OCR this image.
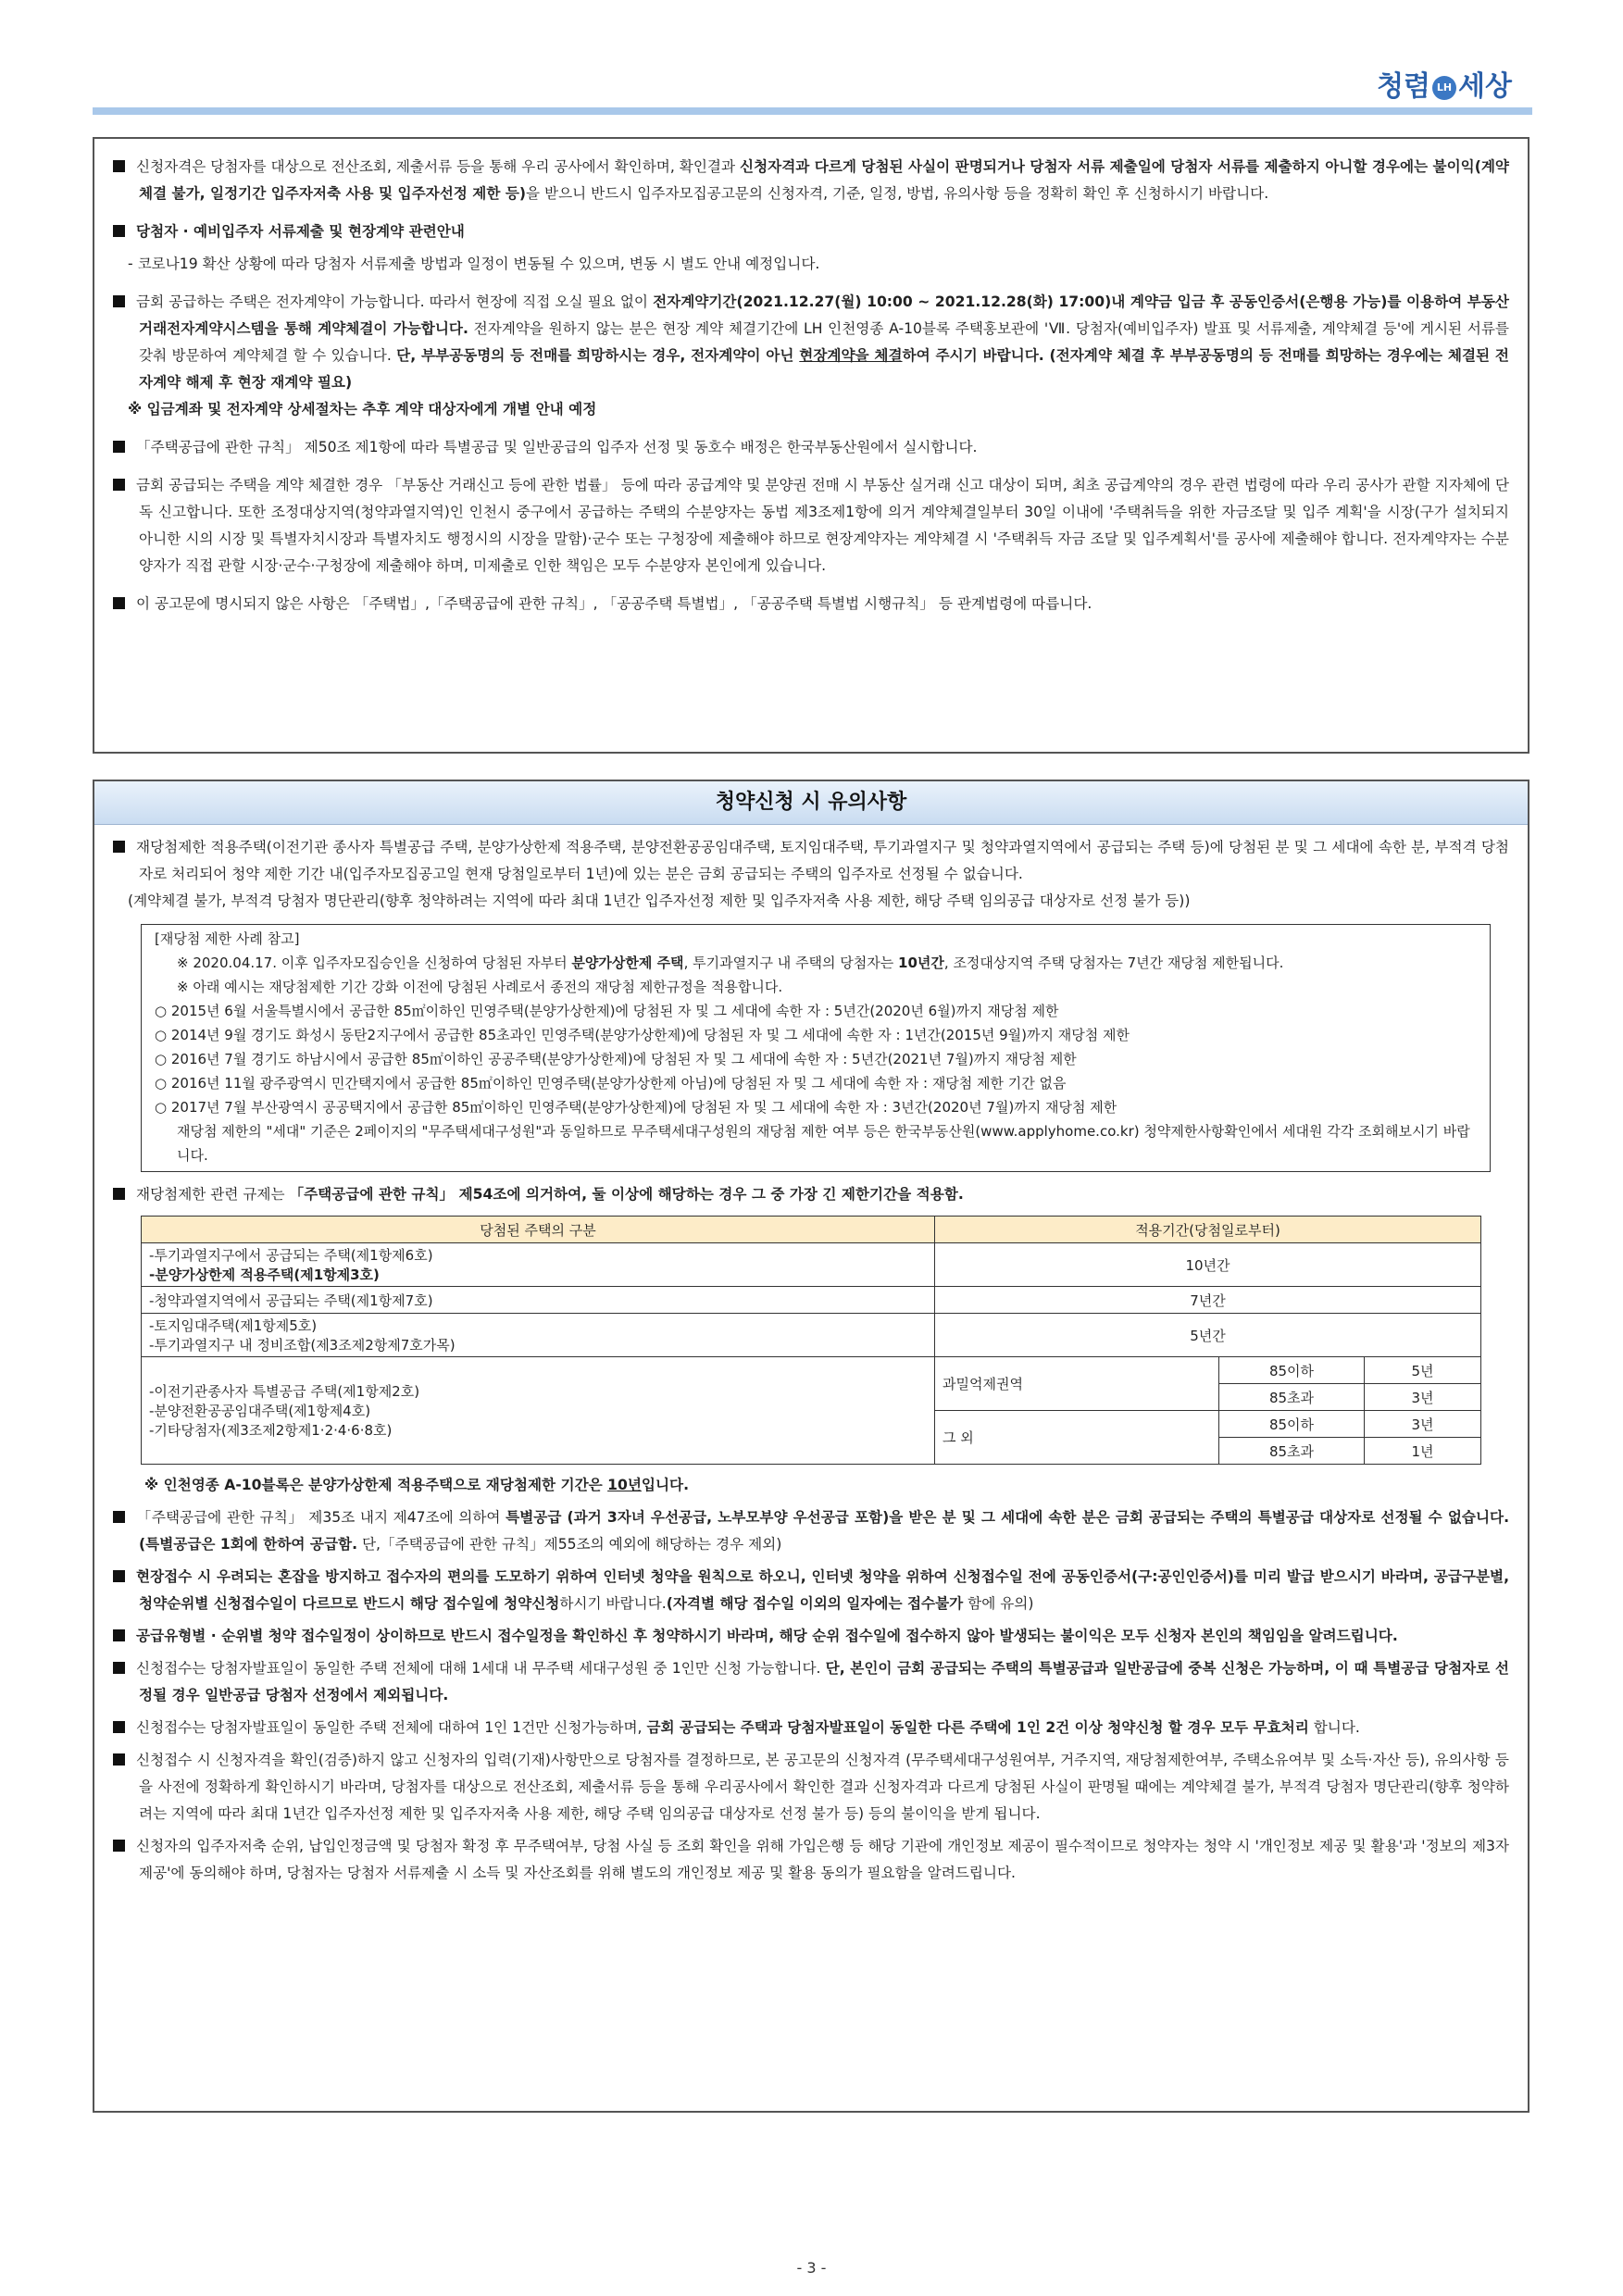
청렴 LH 세상

신청자격은 당첨자를 대상으로 전산조회, 제출서류 등을 통해 우리 공사에서 확인하며, 확인결과 신청자격과 다르게 당첨된 사실이 판명되거나 당첨자 서류 제출일에 당첨자 서류를 제출하지 아니할 경우에는 불이익(계약체결 불가, 일정기간 입주자저축 사용 및 입주자선정 제한 등)을 받으니 반드시 입주자모집공고문의 신청자격, 기준, 일정, 방법, 유의사항 등을 정확히 확인 후 신청하시기 바랍니다.

당첨자 · 예비입주자 서류제출 및 현장계약 관련안내

- 코로나19 확산 상황에 따라 당첨자 서류제출 방법과 일정이 변동될 수 있으며, 변동 시 별도 안내 예정입니다.

금회 공급하는 주택은 전자계약이 가능합니다. 따라서 현장에 직접 오실 필요 없이 전자계약기간(2021.12.27(월) 10:00 ~ 2021.12.28(화) 17:00)내 계약금 입금 후 공동인증서(은행용 가능)를 이용하여 부동산거래전자계약시스템을 통해 계약체결이 가능합니다. 전자계약을 원하지 않는 분은 현장 계약 체결기간에 LH 인천영종 A-10블록 주택홍보관에 'Ⅶ. 당첨자(예비입주자) 발표 및 서류제출, 계약체결 등'에 게시된 서류를 갖춰 방문하여 계약체결 할 수 있습니다. 단, 부부공동명의 등 전매를 희망하시는 경우, 전자계약이 아닌 현장계약을 체결하여 주시기 바랍니다. (전자계약 체결 후 부부공동명의 등 전매를 희망하는 경우에는 체결된 전자계약 해제 후 현장 재계약 필요)

※ 입금계좌 및 전자계약 상세절차는 추후 계약 대상자에게 개별 안내 예정

「주택공급에 관한 규칙」 제50조 제1항에 따라 특별공급 및 일반공급의 입주자 선정 및 동호수 배정은 한국부동산원에서 실시합니다.

금회 공급되는 주택을 계약 체결한 경우 「부동산 거래신고 등에 관한 법률」 등에 따라 공급계약 및 분양권 전매 시 부동산 실거래 신고 대상이 되며, 최초 공급계약의 경우 관련 법령에 따라 우리 공사가 관할 지자체에 단독 신고합니다. 또한 조정대상지역(청약과열지역)인 인천시 중구에서 공급하는 주택의 수분양자는 동법 제3조제1항에 의거 계약체결일부터 30일 이내에 '주택취득을 위한 자금조달 및 입주 계획'을 시장(구가 설치되지 아니한 시의 시장 및 특별자치시장과 특별자치도 행정시의 시장을 말함)·군수 또는 구청장에 제출해야 하므로 현장계약자는 계약체결 시 '주택취득 자금 조달 및 입주계획서'를 공사에 제출해야 합니다. 전자계약자는 수분양자가 직접 관할 시장·군수·구청장에 제출해야 하며, 미제출로 인한 책임은 모두 수분양자 본인에게 있습니다.

이 공고문에 명시되지 않은 사항은 「주택법」,「주택공급에 관한 규칙」, 「공공주택 특별법」, 「공공주택 특별법 시행규칙」 등 관계법령에 따릅니다.

청약신청 시 유의사항

재당첨제한 적용주택(이전기관 종사자 특별공급 주택, 분양가상한제 적용주택, 분양전환공공임대주택, 토지임대주택, 투기과열지구 및 청약과열지역에서 공급되는 주택 등)에 당첨된 분 및 그 세대에 속한 분, 부적격 당첨자로 처리되어 청약 제한 기간 내(입주자모집공고일 현재 당첨일로부터 1년)에 있는 분은 금회 공급되는 주택의 입주자로 선정될 수 없습니다.

(계약체결 불가, 부적격 당첨자 명단관리(향후 청약하려는 지역에 따라 최대 1년간 입주자선정 제한 및 입주자저축 사용 제한, 해당 주택 임의공급 대상자로 선정 불가 등))

[재당첨 제한 사례 참고]
※ 2020.04.17. 이후 입주자모집승인을 신청하여 당첨된 자부터 분양가상한제 주택, 투기과열지구 내 주택의 당첨자는 10년간, 조정대상지역 주택 당첨자는 7년간 재당첨 제한됩니다.
※ 아래 예시는 재당첨제한 기간 강화 이전에 당첨된 사례로서 종전의 재당첨 제한규정을 적용합니다.
○ 2015년 6월 서울특별시에서 공급한 85㎡이하인 민영주택(분양가상한제)에 당첨된 자 및 그 세대에 속한 자 : 5년간(2020년 6월)까지 재당첨 제한
○ 2014년 9월 경기도 화성시 동탄2지구에서 공급한 85초과인 민영주택(분양가상한제)에 당첨된 자 및 그 세대에 속한 자 : 1년간(2015년 9월)까지 재당첨 제한
○ 2016년 7월 경기도 하남시에서 공급한 85㎡이하인 공공주택(분양가상한제)에 당첨된 자 및 그 세대에 속한 자 : 5년간(2021년 7월)까지 재당첨 제한
○ 2016년 11월 광주광역시 민간택지에서 공급한 85㎡이하인 민영주택(분양가상한제 아님)에 당첨된 자 및 그 세대에 속한 자 : 재당첨 제한 기간 없음
○ 2017년 7월 부산광역시 공공택지에서 공급한 85㎡이하인 민영주택(분양가상한제)에 당첨된 자 및 그 세대에 속한 자 : 3년간(2020년 7월)까지 재당첨 제한
재당첨 제한의 "세대" 기준은 2페이지의 "무주택세대구성원"과 동일하므로 무주택세대구성원의 재당첨 제한 여부 등은 한국부동산원(www.applyhome.co.kr) 청약제한사항확인에서 세대원 각각 조회해보시기 바랍니다.

재당첨제한 관련 규제는 「주택공급에 관한 규칙」 제54조에 의거하여, 둘 이상에 해당하는 경우 그 중 가장 긴 제한기간을 적용함.

당첨된 주택의 구분	적용기간(당첨일로부터)		

-투기과열지구에서 공급되는 주택(제1항제6호)
-분양가상한제 적용주택(제1항제3호)	10년간		
-청약과열지역에서 공급되는 주택(제1항제7호)	7년간		

-토지임대주택(제1항제5호)
-투기과열지구 내 정비조합(제3조제2항제7호가목)	5년간		

-이전기관종사자 특별공급 주택(제1항제2호)
-분양전환공공임대주택(제1항제4호)
-기타당첨자(제3조제2항제1·2·4·6·8호)	과밀억제권역	85이하	5년
		85초과	3년
	그 외	85이하	3년
		85초과	1년

※ 인천영종 A-10블록은 분양가상한제 적용주택으로 재당첨제한 기간은 10년입니다.

「주택공급에 관한 규칙」 제35조 내지 제47조에 의하여 특별공급 (과거 3자녀 우선공급, 노부모부양 우선공급 포함)을 받은 분 및 그 세대에 속한 분은 금회 공급되는 주택의 특별공급 대상자로 선정될 수 없습니다. (특별공급은 1회에 한하여 공급함. 단,「주택공급에 관한 규칙」제55조의 예외에 해당하는 경우 제외)

현장접수 시 우려되는 혼잡을 방지하고 접수자의 편의를 도모하기 위하여 인터넷 청약을 원칙으로 하오니, 인터넷 청약을 위하여 신청접수일 전에 공동인증서(구:공인인증서)를 미리 발급 받으시기 바라며, 공급구분별, 청약순위별 신청접수일이 다르므로 반드시 해당 접수일에 청약신청하시기 바랍니다.(자격별 해당 접수일 이외의 일자에는 접수불가 함에 유의)

공급유형별 · 순위별 청약 접수일정이 상이하므로 반드시 접수일정을 확인하신 후 청약하시기 바라며, 해당 순위 접수일에 접수하지 않아 발생되는 불이익은 모두 신청자 본인의 책임임을 알려드립니다.

신청접수는 당첨자발표일이 동일한 주택 전체에 대해 1세대 내 무주택 세대구성원 중 1인만 신청 가능합니다. 단, 본인이 금회 공급되는 주택의 특별공급과 일반공급에 중복 신청은 가능하며, 이 때 특별공급 당첨자로 선정될 경우 일반공급 당첨자 선정에서 제외됩니다.

신청접수는 당첨자발표일이 동일한 주택 전체에 대하여 1인 1건만 신청가능하며, 금회 공급되는 주택과 당첨자발표일이 동일한 다른 주택에 1인 2건 이상 청약신청 할 경우 모두 무효처리 합니다.

신청접수 시 신청자격을 확인(검증)하지 않고 신청자의 입력(기재)사항만으로 당첨자를 결정하므로, 본 공고문의 신청자격 (무주택세대구성원여부, 거주지역, 재당첨제한여부, 주택소유여부 및 소득·자산 등), 유의사항 등을 사전에 정확하게 확인하시기 바라며, 당첨자를 대상으로 전산조회, 제출서류 등을 통해 우리공사에서 확인한 결과 신청자격과 다르게 당첨된 사실이 판명될 때에는 계약체결 불가, 부적격 당첨자 명단관리(향후 청약하려는 지역에 따라 최대 1년간 입주자선정 제한 및 입주자저축 사용 제한, 해당 주택 임의공급 대상자로 선정 불가 등) 등의 불이익을 받게 됩니다.

신청자의 입주자저축 순위, 납입인정금액 및 당첨자 확정 후 무주택여부, 당첨 사실 등 조회 확인을 위해 가입은행 등 해당 기관에 개인정보 제공이 필수적이므로 청약자는 청약 시 '개인정보 제공 및 활용'과 '정보의 제3자 제공'에 동의해야 하며, 당첨자는 당첨자 서류제출 시 소득 및 자산조회를 위해 별도의 개인정보 제공 및 활용 동의가 필요함을 알려드립니다.

- 3 -
